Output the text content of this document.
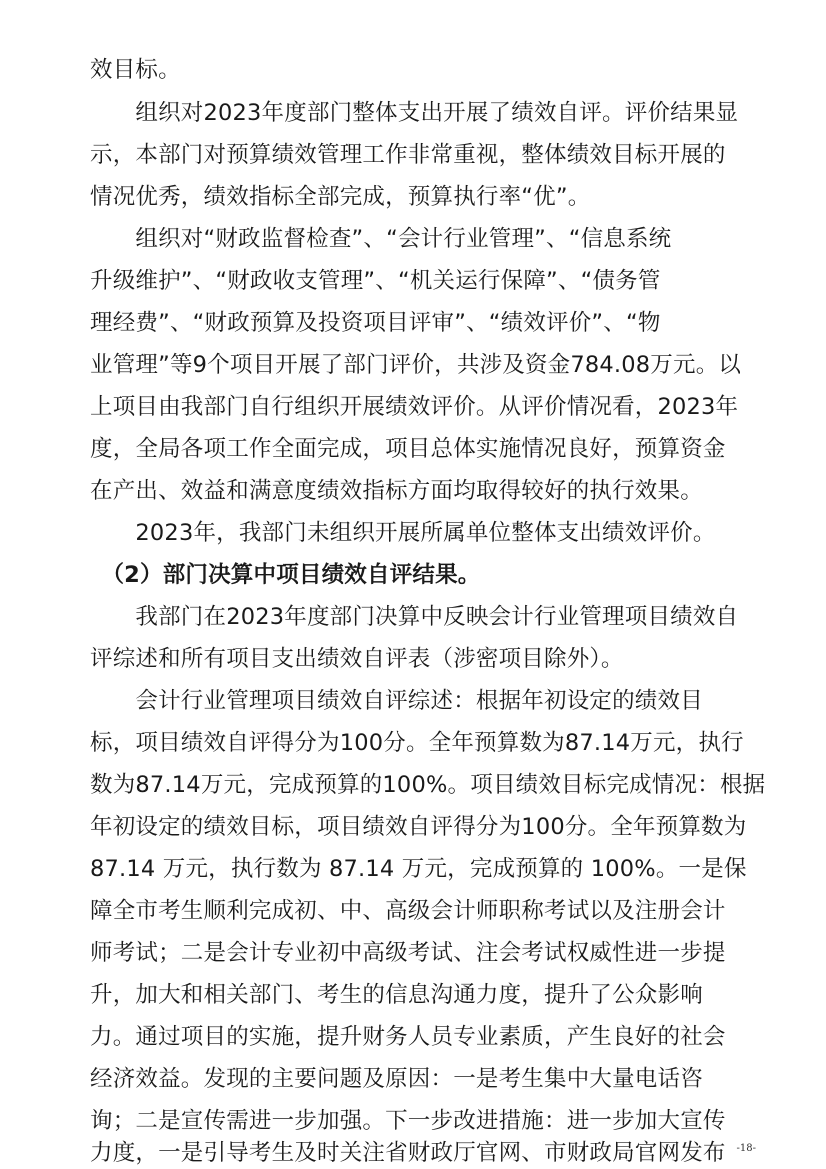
效目标。
　　组织对2023年度部门整体支出开展了绩效自评。评价结果显
示，本部门对预算绩效管理工作非常重视，整体绩效目标开展的
情况优秀，绩效指标全部完成，预算执行率“优”。
　　组织对“财政监督检查”、“会计行业管理”、“信息系统
升级维护”、“财政收支管理”、“机关运行保障”、“债务管
理经费”、“财政预算及投资项目评审”、“绩效评价”、“物
业管理”等9个项目开展了部门评价，共涉及资金784.08万元。以
上项目由我部门自行组织开展绩效评价。从评价情况看，2023年
度，全局各项工作全面完成，项目总体实施情况良好，预算资金
在产出、效益和满意度绩效指标方面均取得较好的执行效果。
　　2023年，我部门未组织开展所属单位整体支出绩效评价。
　（2）部门决算中项目绩效自评结果。
　　我部门在2023年度部门决算中反映会计行业管理项目绩效自
评综述和所有项目支出绩效自评表（涉密项目除外）。
　　会计行业管理项目绩效自评综述：根据年初设定的绩效目
标，项目绩效自评得分为100分。全年预算数为87.14万元，执行
数为87.14万元，完成预算的100%。项目绩效目标完成情况：根据
年初设定的绩效目标，项目绩效自评得分为100分。全年预算数为
87.14 万元，执行数为 87.14 万元，完成预算的 100%。一是保
障全市考生顺利完成初、中、高级会计师职称考试以及注册会计
师考试；二是会计专业初中高级考试、注会考试权威性进一步提
升，加大和相关部门、考生的信息沟通力度，提升了公众影响
力。通过项目的实施，提升财务人员专业素质，产生良好的社会
经济效益。发现的主要问题及原因：一是考生集中大量电话咨
询；二是宣传需进一步加强。下一步改进措施：进一步加大宣传
力度，一是引导考生及时关注省财政厅官网、市财政局官网发布	-18-
